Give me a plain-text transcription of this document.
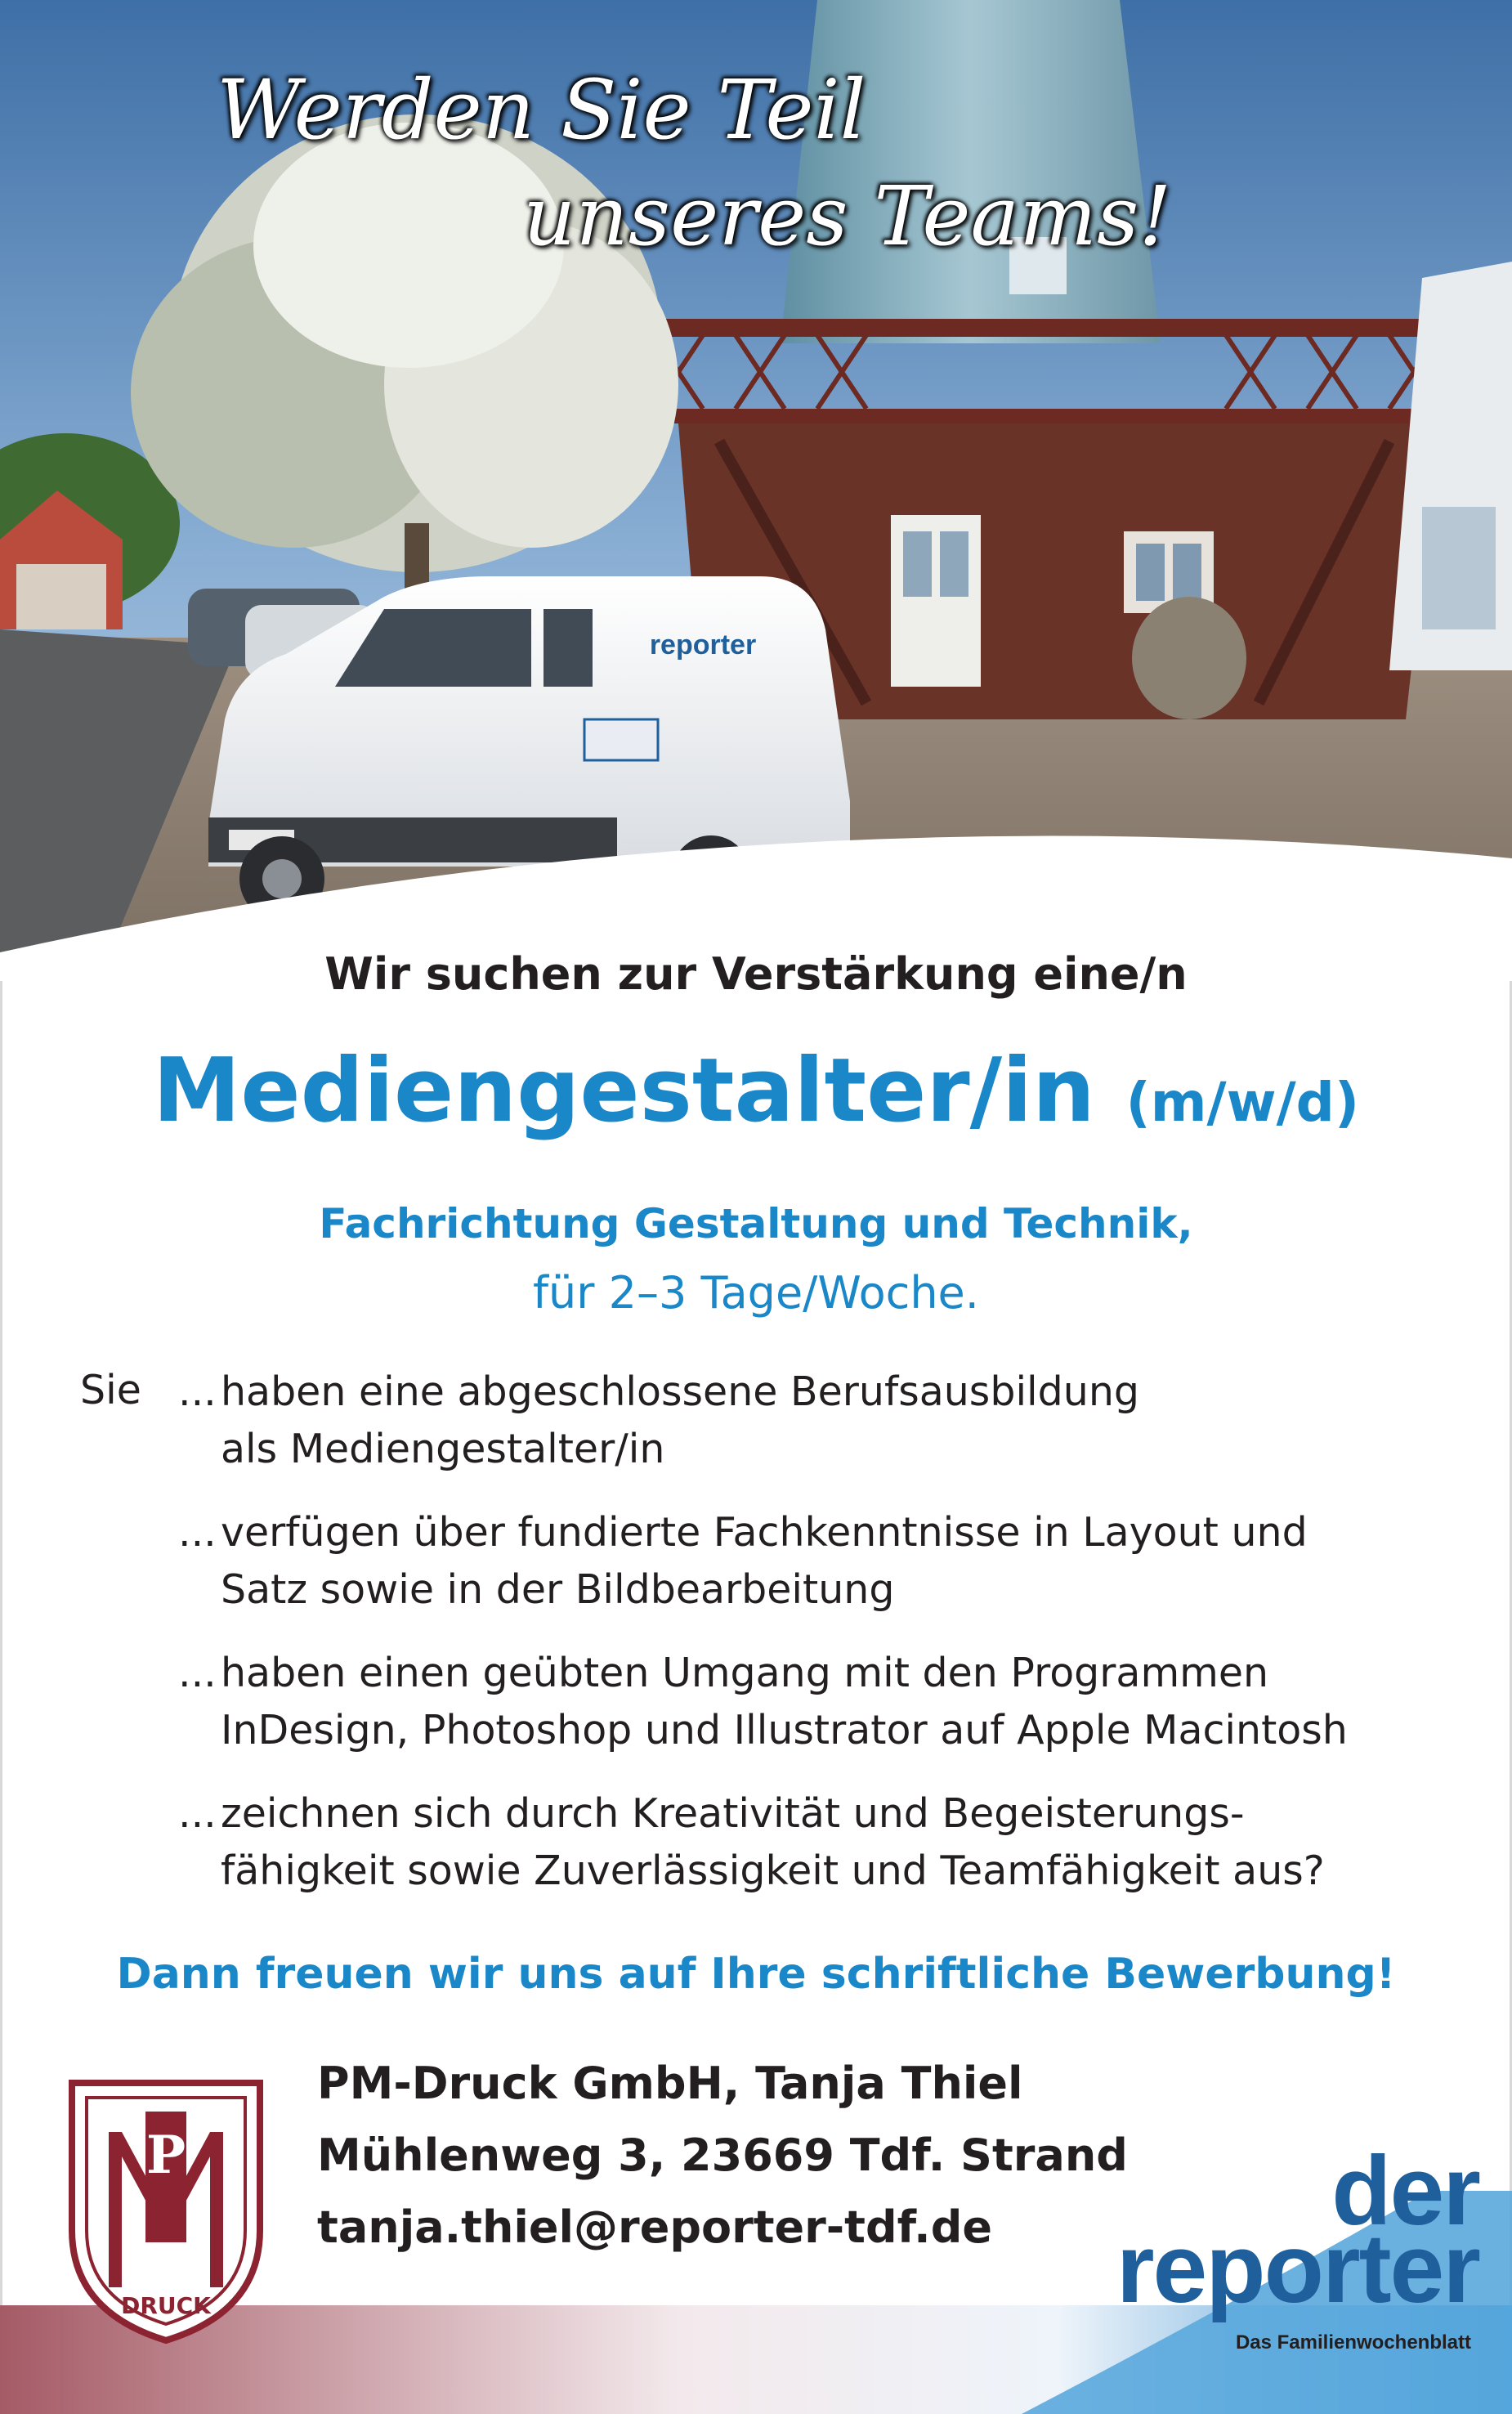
reporter
Werden Sie Teil
unseres Teams!
Wir suchen zur Verstärkung eine/n
Mediengestalter/in (m/w/d)
Fachrichtung Gestaltung und Technik,
für 2–3 Tage/Woche.
Sie ... haben eine abgeschlossene Berufsausbildung
als Mediengestalter/in
... verfügen über fundierte Fachkenntnisse in Layout und
Satz sowie in der Bildbearbeitung
... haben einen geübten Umgang mit den Programmen
InDesign, Photoshop und Illustrator auf Apple Macintosh
... zeichnen sich durch Kreativität und Begeisterungs-
fähigkeit sowie Zuverlässigkeit und Teamfähigkeit aus?
Dann freuen wir uns auf Ihre schriftliche Bewerbung!
P
DRUCK
PM-Druck GmbH, Tanja Thiel
Mühlenweg 3, 23669 Tdf. Strand
tanja.thiel@reporter-tdf.de	der
reporter
Das Familienwochenblatt
